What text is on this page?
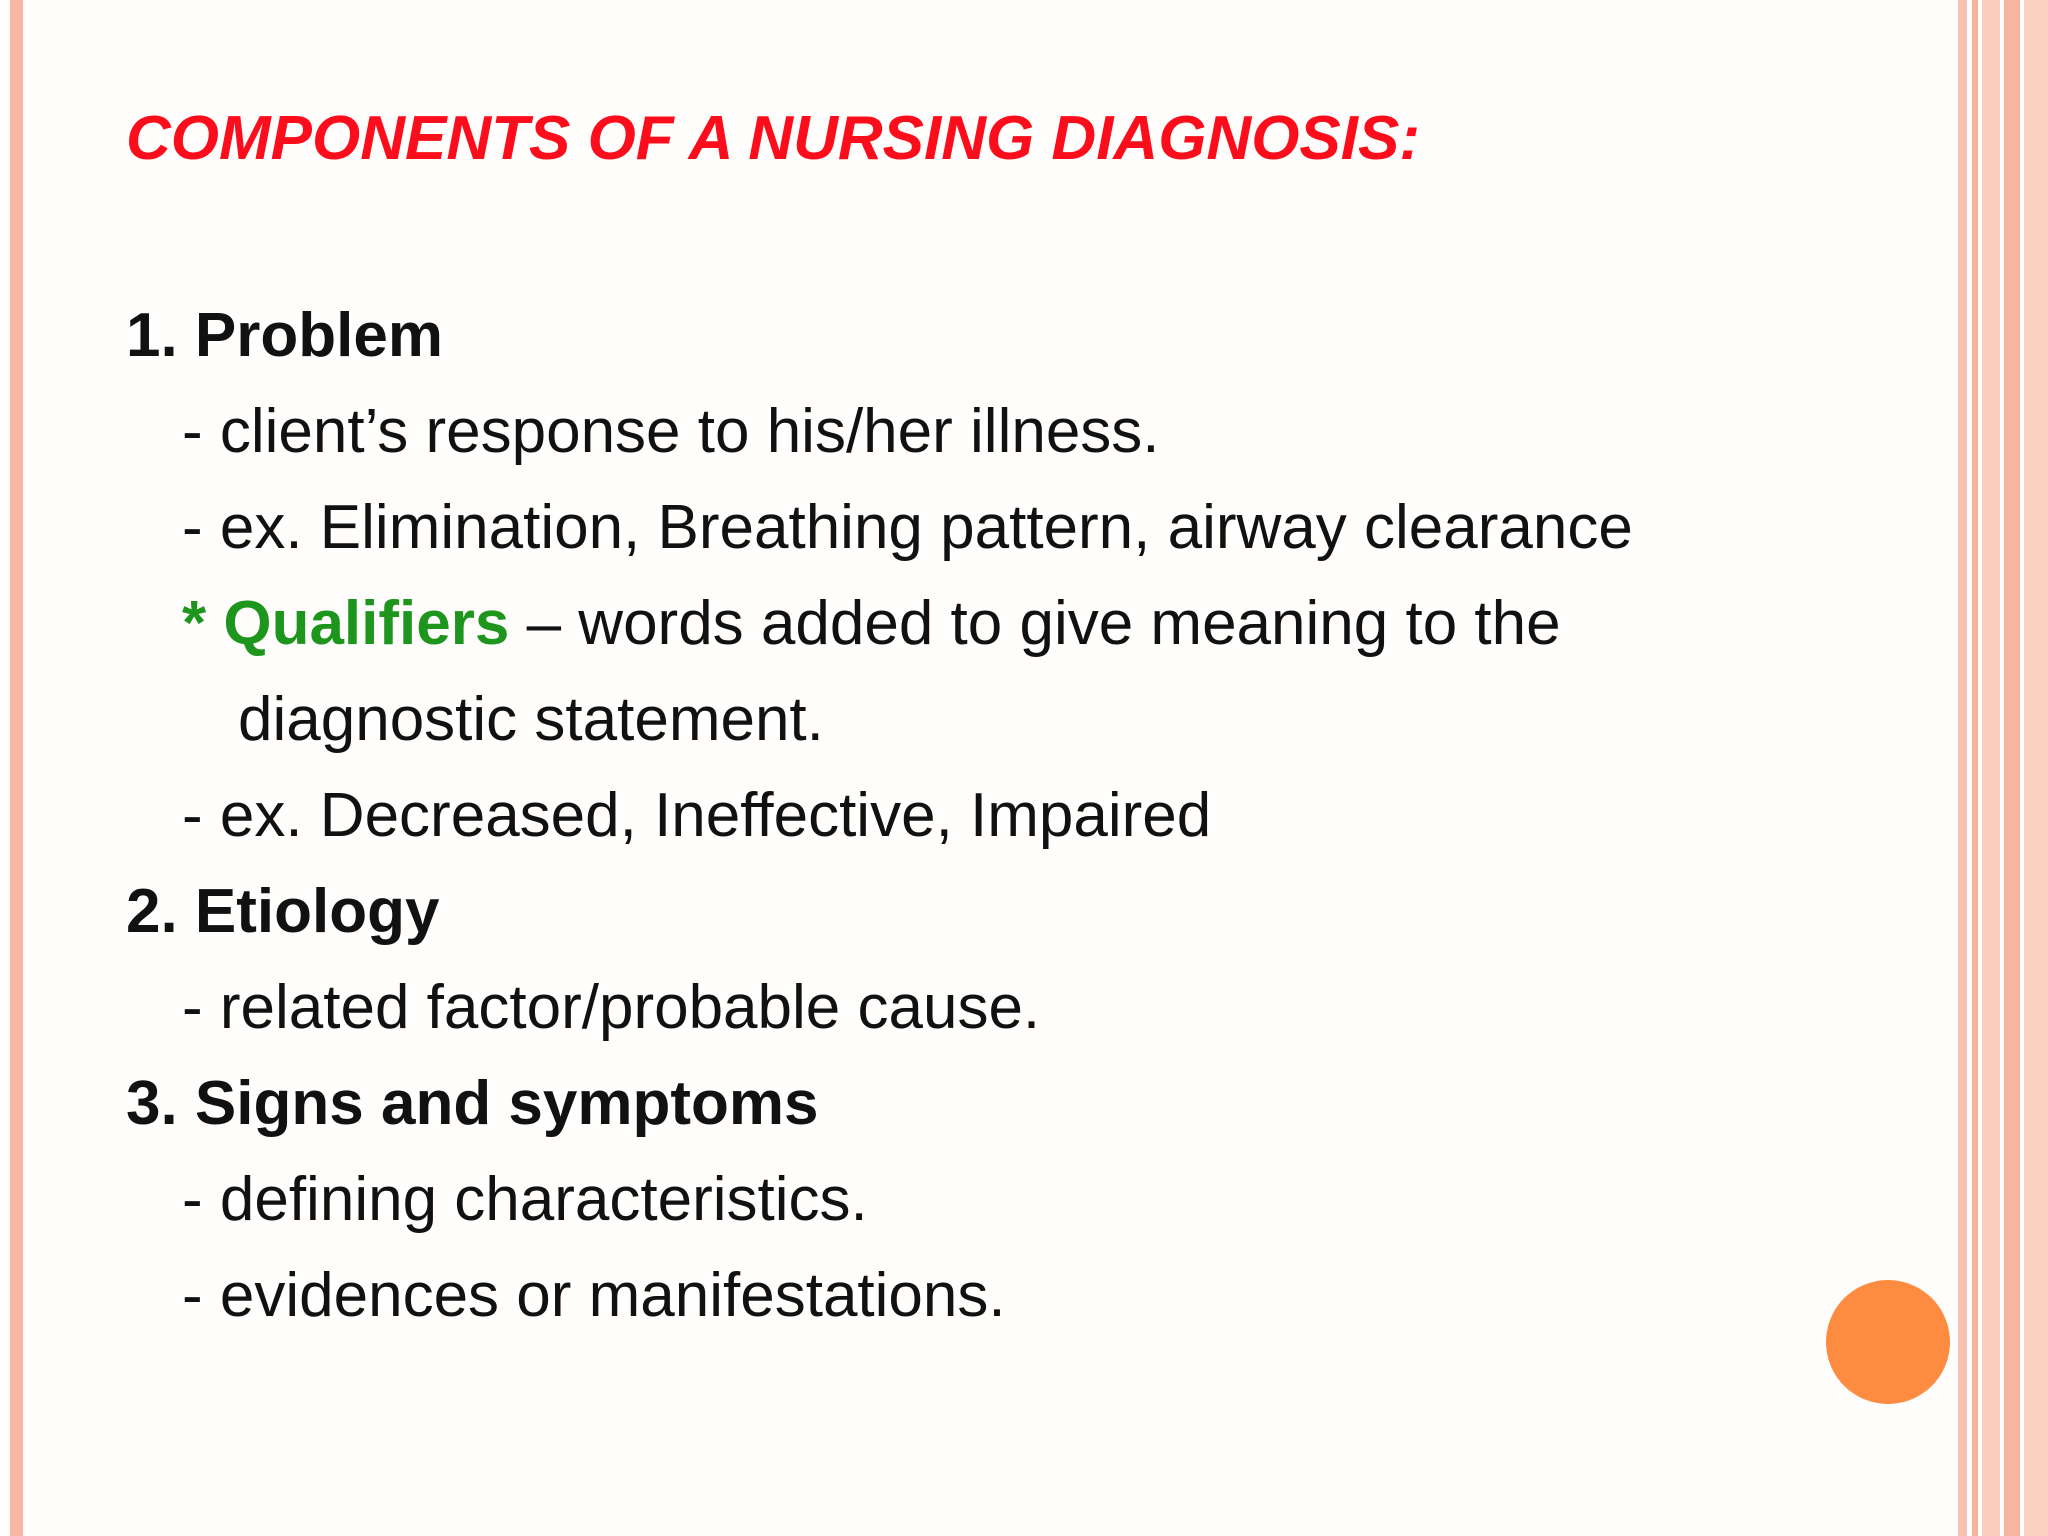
COMPONENTS OF A NURSING DIAGNOSIS:
1. Problem
- client’s response to his/her illness.
- ex. Elimination, Breathing pattern, airway clearance
* Qualifiers – words added to give meaning to the
diagnostic statement.
- ex. Decreased, Ineffective, Impaired
2. Etiology
- related factor/probable cause.
3. Signs and symptoms
- defining characteristics.
- evidences or manifestations.
